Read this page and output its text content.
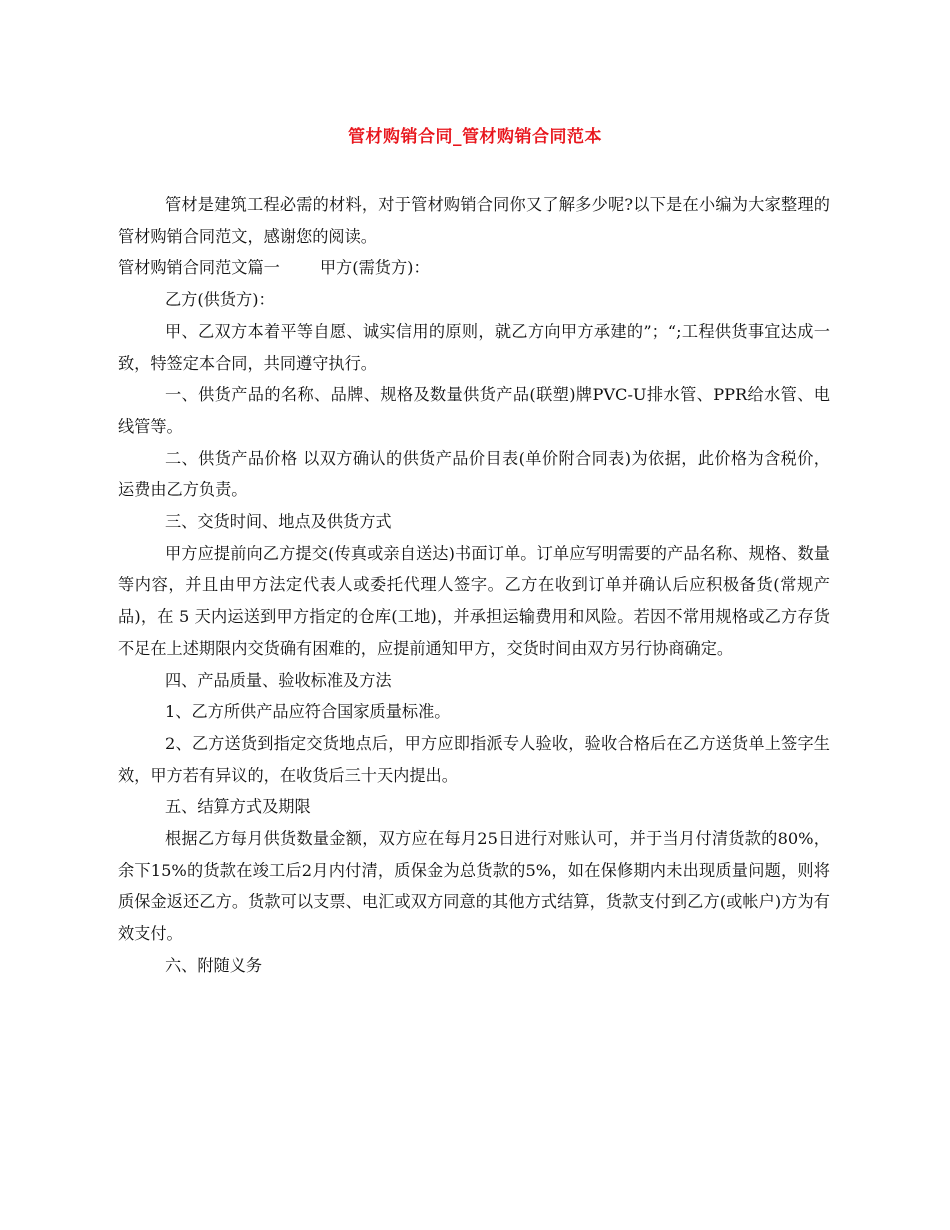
管材购销合同_管材购销合同范本

管材是建筑工程必需的材料，对于管材购销合同你又了解多少呢?以下是在小编为大家整理的管材购销合同范文，感谢您的阅读。

管材购销合同范文篇一 甲方(需货方)：

乙方(供货方)：

甲、乙双方本着平等自愿、诚实信用的原则，就乙方向甲方承建的”；“;工程供货事宜达成一致，特签定本合同，共同遵守执行。

一、供货产品的名称、品牌、规格及数量供货产品(联塑)牌PVC-U排水管、PPR给水管、电线管等。

二、供货产品价格 以双方确认的供货产品价目表(单价附合同表)为依据，此价格为含税价，运费由乙方负责。

三、交货时间、地点及供货方式

甲方应提前向乙方提交(传真或亲自送达)书面订单。订单应写明需要的产品名称、规格、数量等内容，并且由甲方法定代表人或委托代理人签字。乙方在收到订单并确认后应积极备货(常规产品)，在 5 天内运送到甲方指定的仓库(工地)，并承担运输费用和风险。若因不常用规格或乙方存货不足在上述期限内交货确有困难的，应提前通知甲方，交货时间由双方另行协商确定。

四、产品质量、验收标准及方法

1、乙方所供产品应符合国家质量标准。

2、乙方送货到指定交货地点后，甲方应即指派专人验收，验收合格后在乙方送货单上签字生效，甲方若有异议的，在收货后三十天内提出。

五、结算方式及期限

根据乙方每月供货数量金额，双方应在每月25日进行对账认可，并于当月付清货款的80%，余下15%的货款在竣工后2月内付清，质保金为总货款的5%，如在保修期内未出现质量问题，则将质保金返还乙方。货款可以支票、电汇或双方同意的其他方式结算，货款支付到乙方(或帐户)方为有效支付。

六、附随义务
